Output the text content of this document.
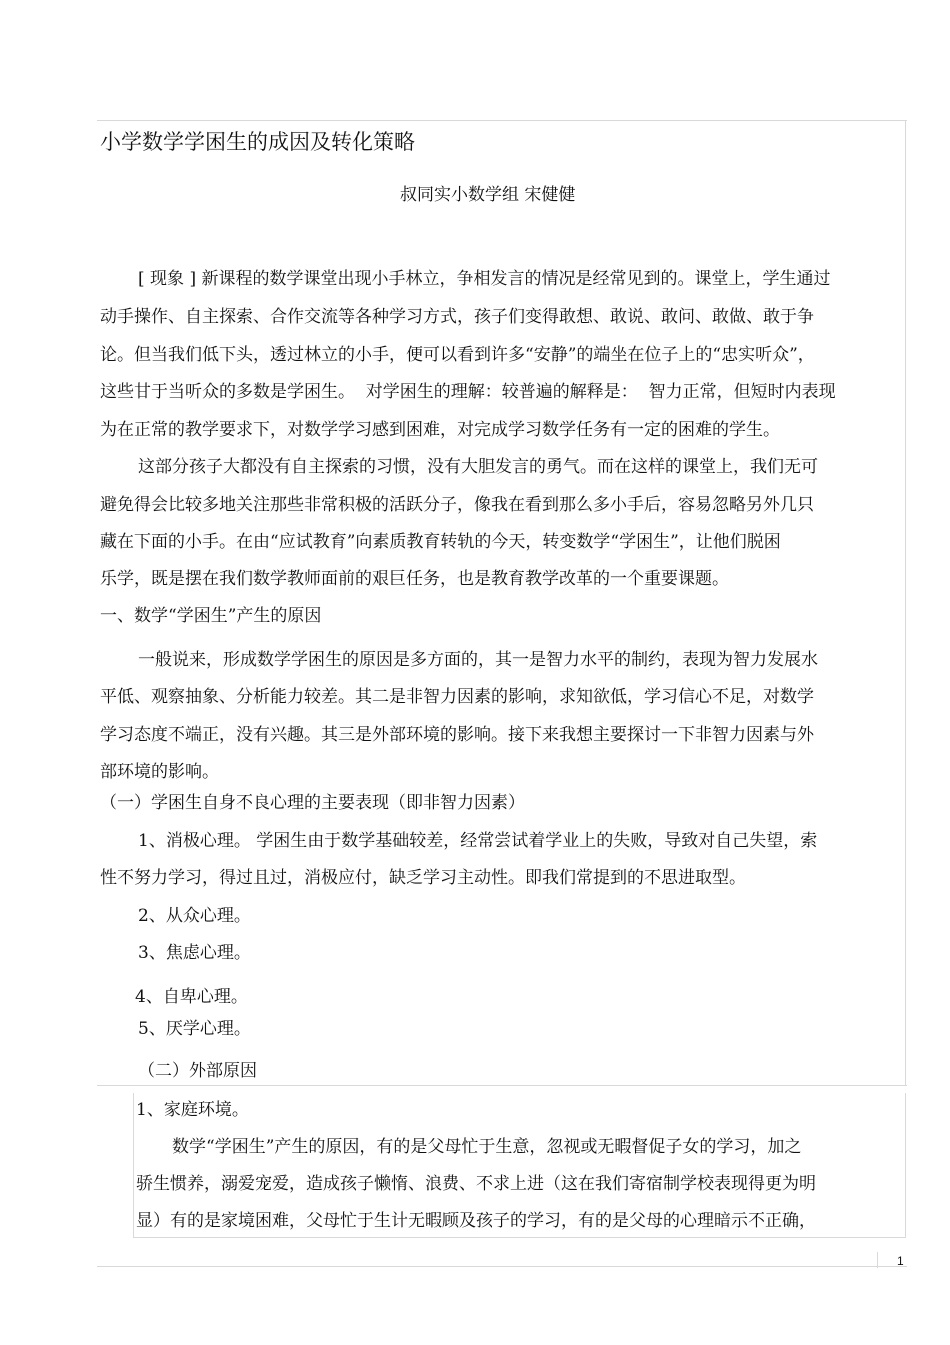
小学数学学困生的成因及转化策略
叔同实小数学组 宋健健
[ 现象 ] 新课程的数学课堂出现小手林立，争相发言的情况是经常见到的。课堂上，学生通过
动手操作、自主探索、合作交流等各种学习方式，孩子们变得敢想、敢说、敢问、敢做、敢于争
论。但当我们低下头，透过林立的小手，便可以看到许多“安静”的端坐在位子上的“忠实听众”，
这些甘于当听众的多数是学困生。  对学困生的理解：较普遍的解释是：  智力正常，但短时内表现
为在正常的教学要求下，对数学学习感到困难，对完成学习数学任务有一定的困难的学生。
这部分孩子大都没有自主探索的习惯，没有大胆发言的勇气。而在这样的课堂上，我们无可
避免得会比较多地关注那些非常积极的活跃分子，像我在看到那么多小手后，容易忽略另外几只
藏在下面的小手。在由“应试教育”向素质教育转轨的今天，转变数学“学困生”，让他们脱困
乐学，既是摆在我们数学教师面前的艰巨任务，也是教育教学改革的一个重要课题。
一、数学“学困生”产生的原因
一般说来，形成数学学困生的原因是多方面的，其一是智力水平的制约，表现为智力发展水
平低、观察抽象、分析能力较差。其二是非智力因素的影响，求知欲低，学习信心不足，对数学
学习态度不端正，没有兴趣。其三是外部环境的影响。接下来我想主要探讨一下非智力因素与外
部环境的影响。
（一）学困生自身不良心理的主要表现（即非智力因素）
1、消极心理。 学困生由于数学基础较差，经常尝试着学业上的失败，导致对自己失望，索
性不努力学习，得过且过，消极应付，缺乏学习主动性。即我们常提到的不思进取型。
2、从众心理。
3、焦虑心理。
4、自卑心理。
5、厌学心理。
（二）外部原因
1、家庭环境。
数学“学困生”产生的原因，有的是父母忙于生意，忽视或无暇督促子女的学习，加之
骄生惯养，溺爱宠爱，造成孩子懒惰、浪费、不求上进（这在我们寄宿制学校表现得更为明
显）有的是家境困难，父母忙于生计无暇顾及孩子的学习，有的是父母的心理暗示不正确，
1
